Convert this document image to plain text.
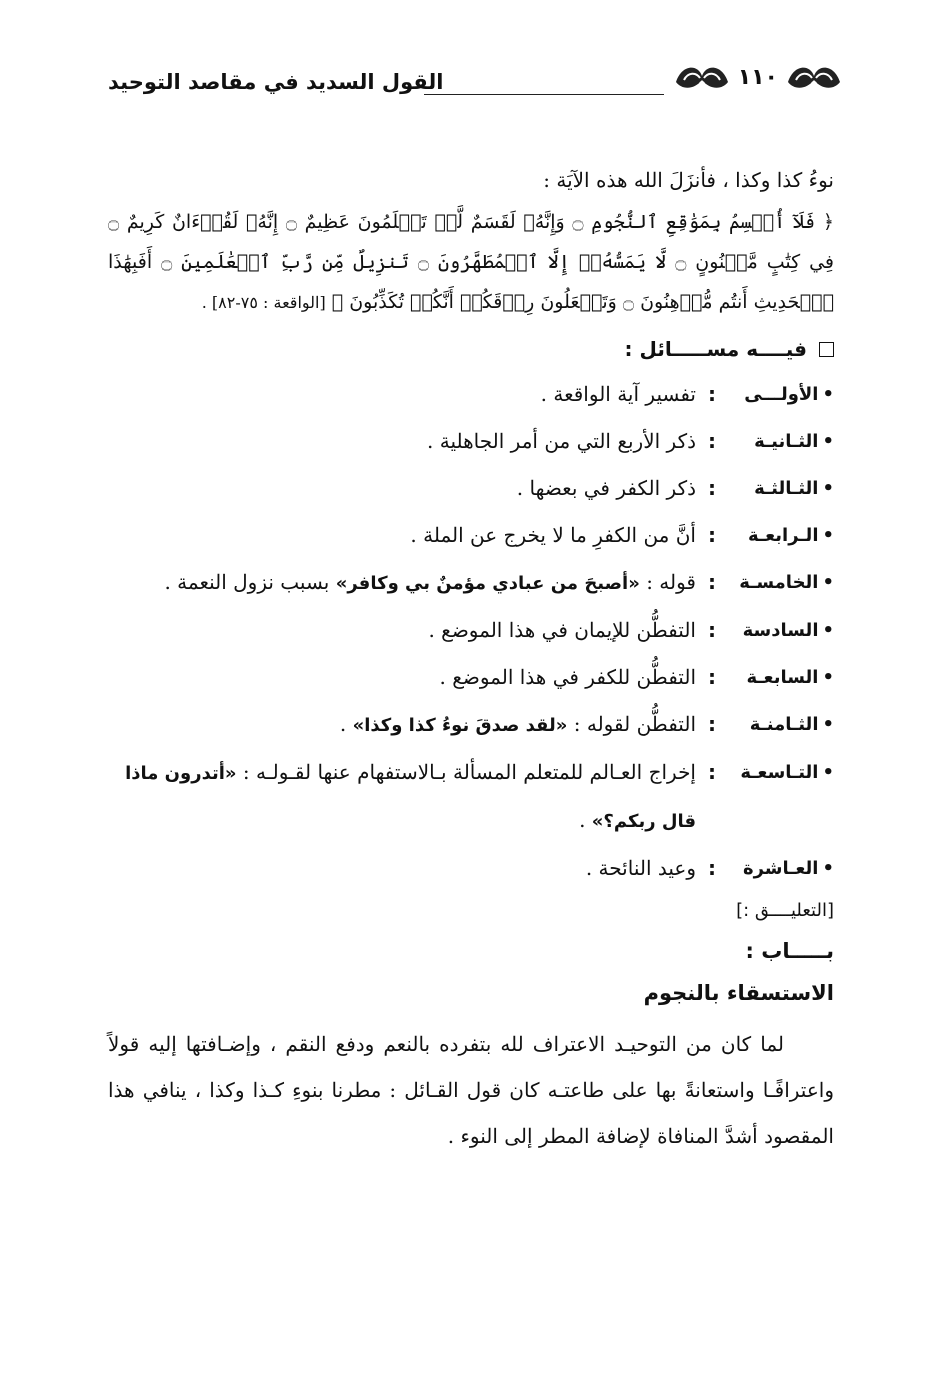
١١٠
القول السديد في مقاصد التوحيد
نوءُ كذا وكذا ، فأنزَلَ الله هذه الآيَة :
﴿ فَلَآ أُقۡسِمُ بِمَوَٰقِعِ ٱلنُّجُومِ ۝ وَإِنَّهُۥ لَقَسَمٌ لَّوۡ تَعۡلَمُونَ عَظِيمٌ ۝ إِنَّهُۥ لَقُرۡءَانٌ كَرِيمٌ ۝ فِي كِتَٰبٍ مَّكۡنُونٍ ۝ لَّا يَمَسُّهُۥٓ إِلَّا ٱلۡمُطَهَّرُونَ ۝ تَنزِيلٌ مِّن رَّبِّ ٱلۡعَٰلَمِينَ ۝ أَفَبِهَٰذَا ٱلۡحَدِيثِ أَنتُم مُّدۡهِنُونَ ۝ وَتَجۡعَلُونَ رِزۡقَكُمۡ أَنَّكُمۡ تُكَذِّبُونَ ﴾ [الواقعة : ٧٥-٨٢] .
فيــــه مســـــائل :
•الأولـــى
:
تفسير آية الواقعة .
•الثـانيـة
:
ذكر الأربع التي من أمر الجاهلية .
•الثـالثـة
:
ذكر الكفر في بعضها .
•الـرابعـة
:
أنَّ من الكفرِ ما لا يخرج عن الملة .
•الخامسـة
:
قوله : «أصبحَ من عبادي مؤمنٌ بي وكافر» بسبب نزول النعمة .
•السادسة
:
التفطُّن للإيمان في هذا الموضع .
•السابعـة
:
التفطُّن للكفر في هذا الموضع .
•الثـامنـة
:
التفطُّن لقوله : «لقد صدقَ نوءُ كذا وكذا» .
•التـاسعـة
:
إخراج العـالم للمتعلم المسألة بـالاستفهام عنها لقـولـه : «أتدرون ماذا قال ربكم؟» .
•العـاشرة
:
وعيد النائحة .
[التعليــــق :]
بـــــاب :
الاستسقاء بالنجوم

لما كان من التوحيـد الاعتراف لله بتفرده بالنعم ودفع النقم ، وإضـافتها إليه قولاً واعترافًـا واستعانةً بها على طاعتـه كان قول القـائل : مطرنا بنوءِ كـذا وكذا ، ينافي هذا المقصود أشدَّ المنافاة لإضافة المطر إلى النوء .
